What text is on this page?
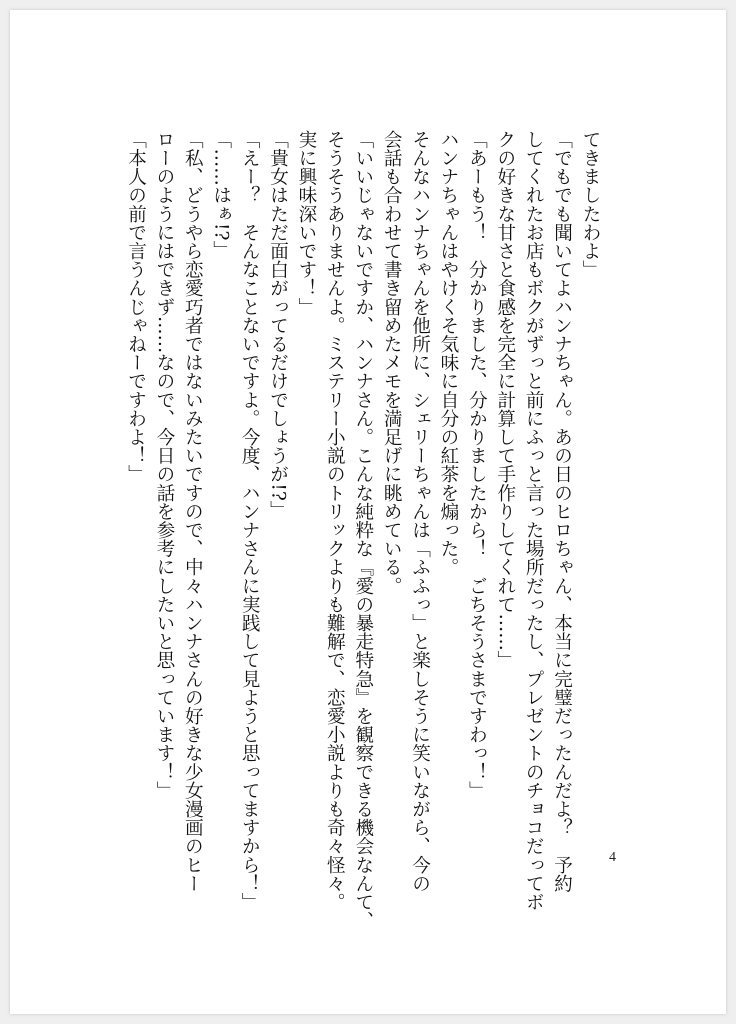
てきましたわよ」
「でもでも聞いてよハンナちゃん。あの日のヒロちゃん、本当に完璧だったんだよ？　予約
してくれたお店もボクがずっと前にふっと言った場所だったし、プレゼントのチョコだってボ
クの好きな甘さと食感を完全に計算して手作りしてくれて……」
「あーもう！　分かりました、分かりましたから！　ごちそうさまですわっ！」
ハンナちゃんはやけくそ気味に自分の紅茶を煽った。
そんなハンナちゃんを他所に、シェリーちゃんは「ふふっ」と楽しそうに笑いながら、今の
会話も合わせて書き留めたメモを満足げに眺めている。
「いいじゃないですか、ハンナさん。こんな純粋な『愛の暴走特急』を観察できる機会なんて、
そうそうありませんよ。ミステリー小説のトリックよりも難解で、恋愛小説よりも奇々怪々。
実に興味深いです！」
「貴女はただ面白がってるだけでしょうが!?」
「えー？　そんなことないですよ。今度、ハンナさんに実践して見ようと思ってますから！」
「……はぁ!?」
「私、どうやら恋愛巧者ではないみたいですので、中々ハンナさんの好きな少女漫画のヒー
ローのようにはできず……なので、今日の話を参考にしたいと思っています！」
「本人の前で言うんじゃねーですわよ！」
4
